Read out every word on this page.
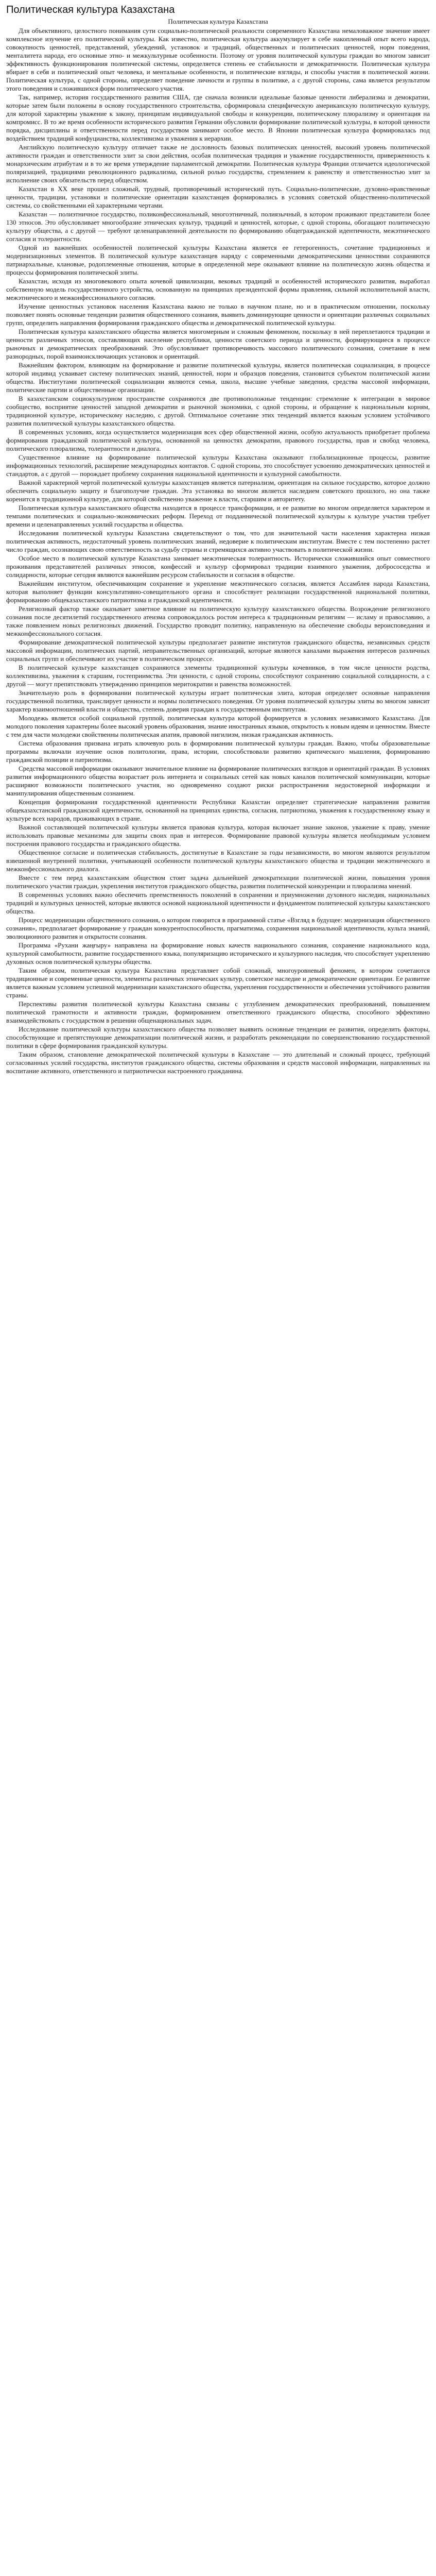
Политическая культура Казахстана

Политическая культура Казахстана

Для объективного, целостного понимания сути социально-политической реальности современного Казахстана немаловажное значение имеет комплексное изучение его политической культуры. Как известно, политическая культура аккумулирует в себе накопленный опыт всего народа, совокупность ценностей, представлений, убеждений, установок и традиций, общественных и политических ценностей, норм поведения, менталитета народа, его основные этно- и межкультурные особенности. Поэтому от уровня политической культуры граждан во многом зависит эффективность функционирования политической системы, определяется степень ее стабильности и демократичности. Политическая культура вбирает в себя и политический опыт человека, и ментальные особенности, и политические взгляды, и способы участия в политической жизни. Политическая культура, с одной стороны, определяет поведение личности и группы в политике, а с другой стороны, сама является результатом этого поведения и сложившихся форм политического участия.

Так, например, история государственного развития США, где сначала возникли идеальные базовые ценности либерализма и демократии, которые затем были положены в основу государственного строительства, сформировала специфическую американскую политическую культуру, для которой характерны уважение к закону, принципам индивидуальной свободы и конкуренции, политическому плюрализму и ориентация на компромисс. В то же время особенности исторического развития Германии обусловили формирование политической культуры, в которой ценности порядка, дисциплины и ответственности перед государством занимают особое место. В Японии политическая культура формировалась под воздействием традиций конфуцианства, коллективизма и уважения к иерархии.

Английскую политическую культуру отличает также не дословность базовых политических ценностей, высокий уровень политической активности граждан и ответственности элит за свои действия, особая политическая традиция и уважение государственности, приверженность к монархическим атрибутам и в то же время утверждение парламентской демократии. Политическая культура Франции отличается идеологической поляризацией, традициями революционного радикализма, сильной ролью государства, стремлением к равенству и ответственностью элит за исполнение своих обязательств перед обществом.

Казахстан в XX веке прошел сложный, трудный, противоречивый исторический путь. Социально-политические, духовно-нравственные ценности, традиции, установки и политические ориентации казахстанцев формировались в условиях советской общественно-политической системы, со свойственными ей характерными чертами.

Казахстан — полиэтничное государство, поликонфессиональный, многоэтничный, полиязычный, в котором проживают представители более 130 этносов. Это обусловливает многообразие этнических культур, традиций и ценностей, которые, с одной стороны, обогащают политическую культуру общества, а с другой — требуют целенаправленной деятельности по формированию общегражданской идентичности, межэтнического согласия и толерантности.

Одной из важнейших особенностей политической культуры Казахстана является ее гетерогенность, сочетание традиционных и модернизационных элементов. В политической культуре казахстанцев наряду с современными демократическими ценностями сохраняются патриархальные, клановые, родоплеменные отношения, которые в определенной мере оказывают влияние на политическую жизнь общества и процессы формирования политической элиты.

Казахстан, исходя из многовекового опыта кочевой цивилизации, вековых традиций и особенностей исторического развития, выработал собственную модель государственного устройства, основанную на принципах президентской формы правления, сильной исполнительной власти, межэтнического и межконфессионального согласия.

Изучение ценностных установок населения Казахстана важно не только в научном плане, но и в практическом отношении, поскольку позволяет понять основные тенденции развития общественного сознания, выявить доминирующие ценности и ориентации различных социальных групп, определить направления формирования гражданского общества и демократической политической культуры.

Политическая культура казахстанского общества является многомерным и сложным феноменом, поскольку в ней переплетаются традиции и ценности различных этносов, составляющих население республики, ценности советского периода и ценности, формирующиеся в процессе рыночных и демократических преобразований. Это обусловливает противоречивость массового политического сознания, сочетание в нем разнородных, порой взаимоисключающих установок и ориентаций.

Важнейшим фактором, влияющим на формирование и развитие политической культуры, является политическая социализация, в процессе которой индивид усваивает систему политических знаний, ценностей, норм и образцов поведения, становится субъектом политической жизни общества. Институтами политической социализации являются семья, школа, высшие учебные заведения, средства массовой информации, политические партии и общественные организации.

В казахстанском социокультурном пространстве сохраняются две противоположные тенденции: стремление к интеграции в мировое сообщество, восприятие ценностей западной демократии и рыночной экономики, с одной стороны, и обращение к национальным корням, традиционной культуре, историческому наследию, с другой. Оптимальное сочетание этих тенденций является важным условием устойчивого развития политической культуры казахстанского общества.

В современных условиях, когда осуществляется модернизация всех сфер общественной жизни, особую актуальность приобретает проблема формирования гражданской политической культуры, основанной на ценностях демократии, правового государства, прав и свобод человека, политического плюрализма, толерантности и диалога.

Существенное влияние на формирование политической культуры Казахстана оказывают глобализационные процессы, развитие информационных технологий, расширение международных контактов. С одной стороны, это способствует усвоению демократических ценностей и стандартов, а с другой — порождает проблему сохранения национальной идентичности и культурной самобытности.

Важной характерной чертой политической культуры казахстанцев является патернализм, ориентация на сильное государство, которое должно обеспечить социальную защиту и благополучие граждан. Эта установка во многом является наследием советского прошлого, но она также коренится в традиционной культуре, для которой свойственно уважение к власти, старшим и авторитету.

Политическая культура казахстанского общества находится в процессе трансформации, и ее развитие во многом определяется характером и темпами политических и социально-экономических реформ. Переход от подданнической политической культуры к культуре участия требует времени и целенаправленных усилий государства и общества.

Исследования политической культуры Казахстана свидетельствуют о том, что для значительной части населения характерна низкая политическая активность, недостаточный уровень политических знаний, недоверие к политическим институтам. Вместе с тем постепенно растет число граждан, осознающих свою ответственность за судьбу страны и стремящихся активно участвовать в политической жизни.

Особое место в политической культуре Казахстана занимает межэтническая толерантность. Исторически сложившийся опыт совместного проживания представителей различных этносов, конфессий и культур сформировал традиции взаимного уважения, добрососедства и солидарности, которые сегодня являются важнейшим ресурсом стабильности и согласия в обществе.

Важнейшим институтом, обеспечивающим сохранение и укрепление межэтнического согласия, является Ассамблея народа Казахстана, которая выполняет функции консультативно-совещательного органа и способствует реализации государственной национальной политики, формированию общеказахстанского патриотизма и гражданской идентичности.

Религиозный фактор также оказывает заметное влияние на политическую культуру казахстанского общества. Возрождение религиозного сознания после десятилетий государственного атеизма сопровождалось ростом интереса к традиционным религиям — исламу и православию, а также появлением новых религиозных движений. Государство проводит политику, направленную на обеспечение свободы вероисповедания и межконфессионального согласия.

Формирование демократической политической культуры предполагает развитие институтов гражданского общества, независимых средств массовой информации, политических партий, неправительственных организаций, которые являются каналами выражения интересов различных социальных групп и обеспечивают их участие в политическом процессе.

В политической культуре казахстанцев сохраняются элементы традиционной культуры кочевников, в том числе ценности родства, коллективизма, уважения к старшим, гостеприимства. Эти ценности, с одной стороны, способствуют сохранению социальной солидарности, а с другой — могут препятствовать утверждению принципов меритократии и равенства возможностей.

Значительную роль в формировании политической культуры играет политическая элита, которая определяет основные направления государственной политики, транслирует ценности и нормы политического поведения. От уровня политической культуры элиты во многом зависит характер взаимоотношений власти и общества, степень доверия граждан к государственным институтам.

Молодежь является особой социальной группой, политическая культура которой формируется в условиях независимого Казахстана. Для молодого поколения характерны более высокий уровень образования, знание иностранных языков, открытость к новым идеям и ценностям. Вместе с тем для части молодежи свойственны политическая апатия, правовой нигилизм, низкая гражданская активность.

Система образования призвана играть ключевую роль в формировании политической культуры граждан. Важно, чтобы образовательные программы включали изучение основ политологии, права, истории, способствовали развитию критического мышления, формированию гражданской позиции и патриотизма.

Средства массовой информации оказывают значительное влияние на формирование политических взглядов и ориентаций граждан. В условиях развития информационного общества возрастает роль интернета и социальных сетей как новых каналов политической коммуникации, которые расширяют возможности политического участия, но одновременно создают риски распространения недостоверной информации и манипулирования общественным сознанием.

Концепция формирования государственной идентичности Республики Казахстан определяет стратегические направления развития общеказахстанской гражданской идентичности, основанной на принципах единства, согласия, патриотизма, уважения к государственному языку и культуре всех народов, проживающих в стране.

Важной составляющей политической культуры является правовая культура, которая включает знание законов, уважение к праву, умение использовать правовые механизмы для защиты своих прав и интересов. Формирование правовой культуры является необходимым условием построения правового государства и гражданского общества.

Общественное согласие и политическая стабильность, достигнутые в Казахстане за годы независимости, во многом являются результатом взвешенной внутренней политики, учитывающей особенности политической культуры казахстанского общества и традиции межэтнического и межконфессионального диалога.

Вместе с тем перед казахстанским обществом стоит задача дальнейшей демократизации политической жизни, повышения уровня политического участия граждан, укрепления институтов гражданского общества, развития политической конкуренции и плюрализма мнений.

В современных условиях важно обеспечить преемственность поколений в сохранении и приумножении духовного наследия, национальных традиций и культурных ценностей, которые являются основой национальной идентичности и фундаментом политической культуры казахстанского общества.

Процесс модернизации общественного сознания, о котором говорится в программной статье «Взгляд в будущее: модернизация общественного сознания», предполагает формирование у граждан конкурентоспособности, прагматизма, сохранения национальной идентичности, культа знаний, эволюционного развития и открытости сознания.

Программа «Рухани жаңғыру» направлена на формирование новых качеств национального сознания, сохранение национального кода, культурной самобытности, развитие государственного языка, популяризацию исторического и культурного наследия, что способствует укреплению духовных основ политической культуры общества.

Таким образом, политическая культура Казахстана представляет собой сложный, многоуровневый феномен, в котором сочетаются традиционные и современные ценности, элементы различных этнических культур, советское наследие и демократические ориентации. Ее развитие является важным условием успешной модернизации казахстанского общества, укрепления государственности и обеспечения устойчивого развития страны.

Перспективы развития политической культуры Казахстана связаны с углублением демократических преобразований, повышением политической грамотности и активности граждан, формированием ответственного гражданского общества, способного эффективно взаимодействовать с государством в решении общенациональных задач.

Исследование политической культуры казахстанского общества позволяет выявить основные тенденции ее развития, определить факторы, способствующие и препятствующие демократизации политической жизни, и разработать рекомендации по совершенствованию государственной политики в сфере формирования гражданской культуры.

Таким образом, становление демократической политической культуры в Казахстане — это длительный и сложный процесс, требующий согласованных усилий государства, институтов гражданского общества, системы образования и средств массовой информации, направленных на воспитание активного, ответственного и патриотически настроенного гражданина.
